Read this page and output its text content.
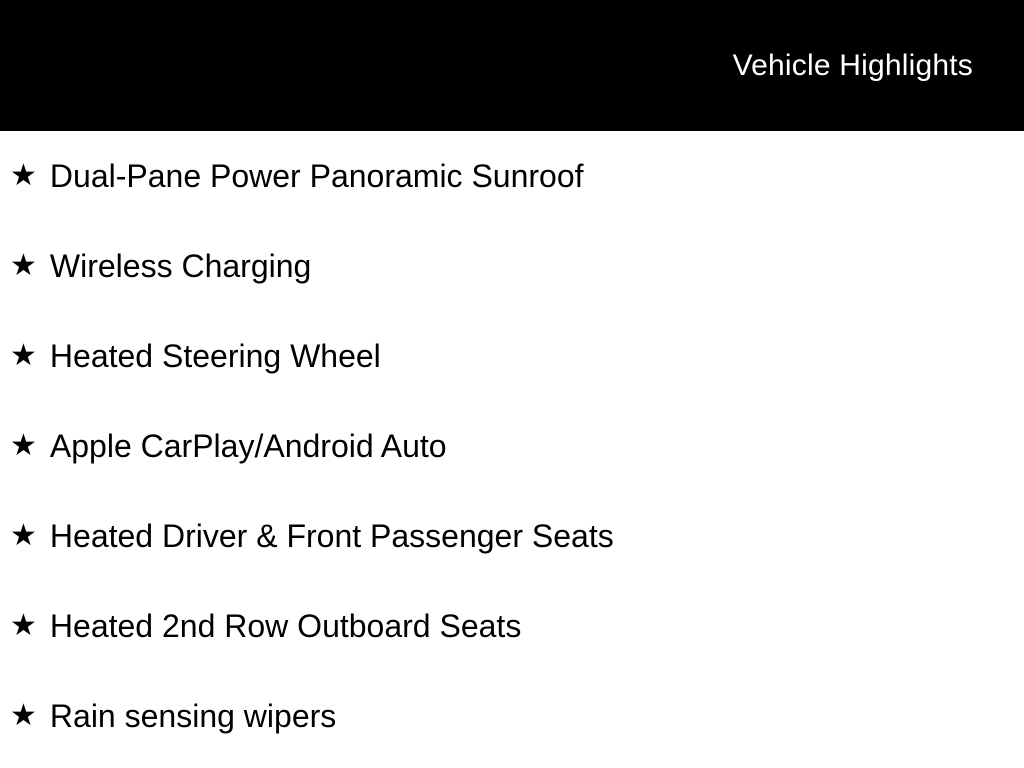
Vehicle Highlights
★ Dual-Pane Power Panoramic Sunroof
★ Wireless Charging
★ Heated Steering Wheel
★ Apple CarPlay/Android Auto
★ Heated Driver & Front Passenger Seats
★ Heated 2nd Row Outboard Seats
★ Rain sensing wipers
